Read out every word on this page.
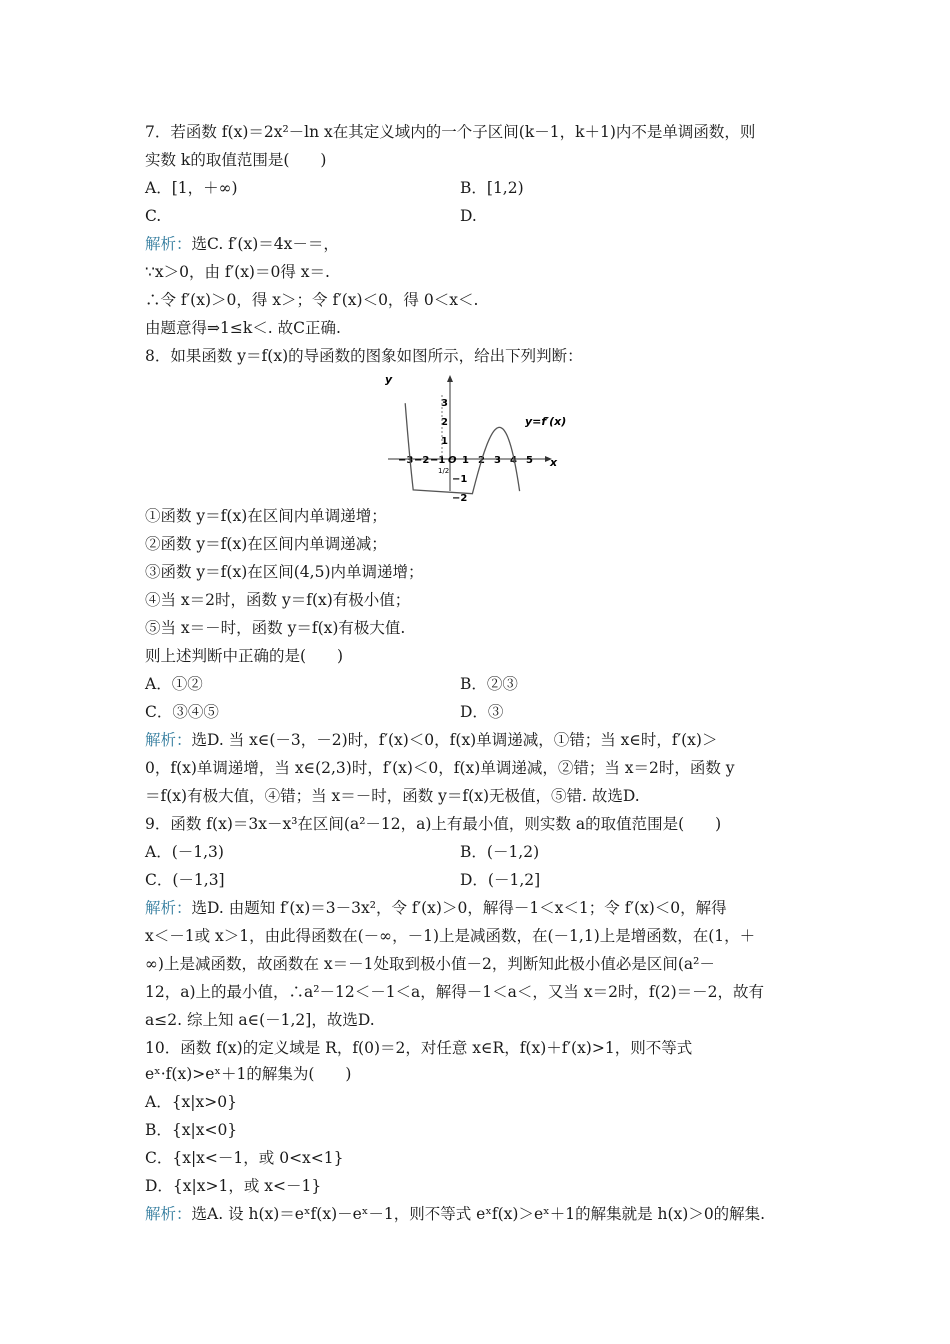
7．若函数 f(x)＝2x²－ln x在其定义域内的一个子区间(k－1，k＋1)内不是单调函数，则
实数 k的取值范围是(　　)
A．[1，＋∞)	B．[1,2)
C.	D.
解析：选C. f′(x)＝4x－＝，
∵x＞0，由 f′(x)＝0得 x＝.
∴令 f′(x)＞0，得 x＞；令 f′(x)＜0，得 0＜x＜.
由题意得⇒1≤k＜. 故C正确.
8．如果函数 y＝f(x)的导函数的图象如图所示，给出下列判断：
−3 −2 −1 O 1 2 3 4 5
3
2
1
−1
−2
y
x
y=f′(x)
1/2
①函数 y＝f(x)在区间内单调递增；
②函数 y＝f(x)在区间内单调递减；
③函数 y＝f(x)在区间(4,5)内单调递增；
④当 x＝2时，函数 y＝f(x)有极小值；
⑤当 x＝－时，函数 y＝f(x)有极大值.
则上述判断中正确的是(　　)
A．①②	B．②③
C．③④⑤	D．③
解析：选D. 当 x∈(－3，－2)时，f′(x)＜0，f(x)单调递减，①错；当 x∈时，f′(x)＞
0，f(x)单调递增，当 x∈(2,3)时，f′(x)＜0，f(x)单调递减，②错；当 x＝2时，函数 y
＝f(x)有极大值，④错；当 x＝－时，函数 y＝f(x)无极值，⑤错. 故选D.
9．函数 f(x)＝3x－x³在区间(a²－12，a)上有最小值，则实数 a的取值范围是(　　)
A．(－1,3)	B．(－1,2)
C．(－1,3]	D．(－1,2]
解析：选D. 由题知 f′(x)＝3－3x²，令 f′(x)＞0，解得－1＜x＜1；令 f′(x)＜0，解得
x＜－1或 x＞1，由此得函数在(－∞，－1)上是减函数，在(－1,1)上是增函数，在(1，＋
∞)上是减函数，故函数在 x＝－1处取到极小值－2，判断知此极小值必是区间(a²－
12，a)上的最小值，∴a²－12＜－1＜a，解得－1＜a＜，又当 x＝2时，f(2)＝－2，故有
a≤2. 综上知 a∈(－1,2]，故选D.
10．函数 f(x)的定义域是 R，f(0)＝2，对任意 x∈R，f(x)＋f′(x)>1，则不等式
eˣ·f(x)>eˣ＋1的解集为(　　)
A．{x|x>0}
B．{x|x<0}
C．{x|x<－1，或 0<x<1}
D．{x|x>1，或 x<－1}
解析：选A. 设 h(x)＝eˣf(x)－eˣ－1，则不等式 eˣf(x)＞eˣ＋1的解集就是 h(x)＞0的解集.
